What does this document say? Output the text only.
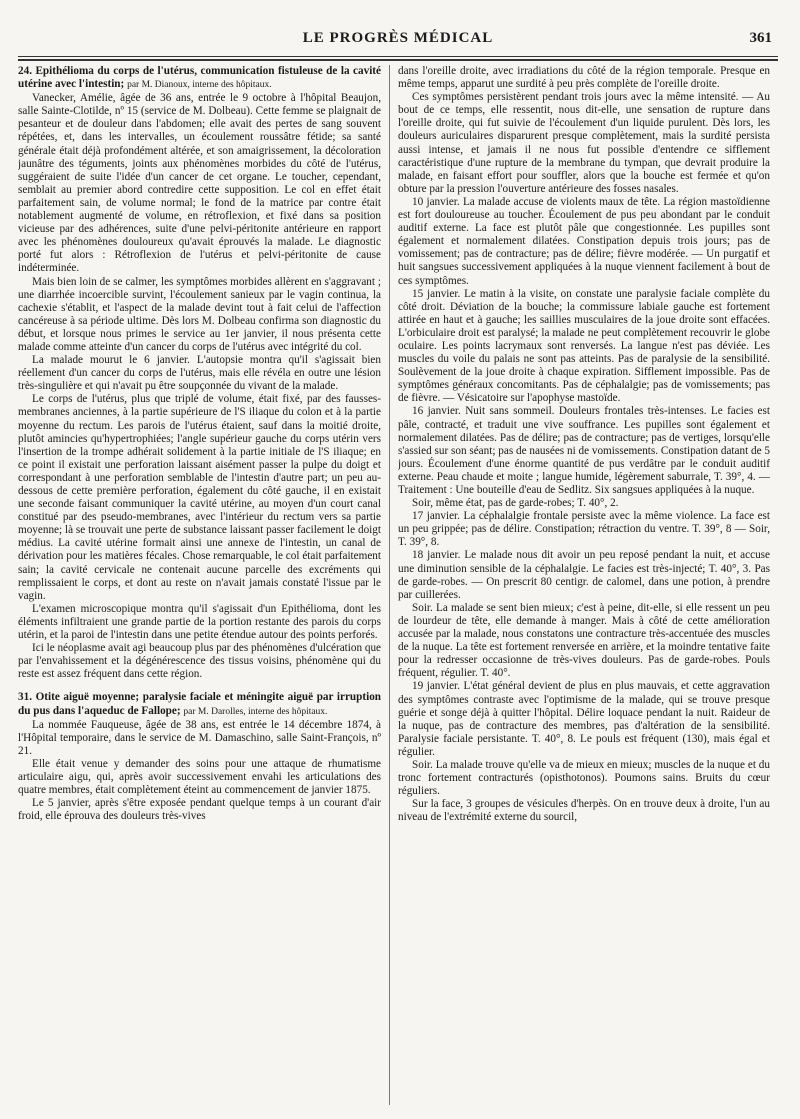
LE PROGRÈS MÉDICAL	361
24. Epithélioma du corps de l'utérus, communication fistuleuse de la cavité utérine avec l'intestin; par M. Dianoux, interne des hôpitaux.

Vanecker, Amélie, âgée de 36 ans, entrée le 9 octobre à l'hôpital Beaujon, salle Sainte-Clotilde, nº 15 (service de M. Dolbeau). Cette femme se plaignait de pesanteur et de douleur dans l'abdomen; elle avait des pertes de sang souvent répétées, et, dans les intervalles, un écoulement roussâtre fétide; sa santé générale était déjà profondément altérée, et son amaigrissement, la décoloration jaunâtre des téguments, joints aux phénomènes morbides du côté de l'utérus, suggéraient de suite l'idée d'un cancer de cet organe. Le toucher, cependant, semblait au premier abord contredire cette supposition. Le col en effet était parfaitement sain, de volume normal; le fond de la matrice par contre était notablement augmenté de volume, en rétroflexion, et fixé dans sa position vicieuse par des adhérences, suite d'une pelvi-péritonite antérieure en rapport avec les phénomènes douloureux qu'avait éprouvés la malade. Le diagnostic porté fut alors : Rétroflexion de l'utérus et pelvi-péritonite de cause indéterminée.

Mais bien loin de se calmer, les symptômes morbides allèrent en s'aggravant ; une diarrhée incoercible survint, l'écoulement sanieux par le vagin continua, la cachexie s'établit, et l'aspect de la malade devint tout à fait celui de l'affection cancéreuse à sa période ultime. Dès lors M. Dolbeau confirma son diagnostic du début, et lorsque nous primes le service au 1er janvier, il nous présenta cette malade comme atteinte d'un cancer du corps de l'utérus avec intégrité du col.

La malade mourut le 6 janvier. L'autopsie montra qu'il s'agissait bien réellement d'un cancer du corps de l'utérus, mais elle révéla en outre une lésion très-singulière et qui n'avait pu être soupçonnée du vivant de la malade.

Le corps de l'utérus, plus que triplé de volume, était fixé, par des fausses-membranes anciennes, à la partie supérieure de l'S iliaque du colon et à la partie moyenne du rectum. Les parois de l'utérus étaient, sauf dans la moitié droite, plutôt amincies qu'hypertrophiées; l'angle supérieur gauche du corps utérin vers l'insertion de la trompe adhérait solidement à la partie initiale de l'S iliaque; en ce point il existait une perforation laissant aisément passer la pulpe du doigt et correspondant à une perforation semblable de l'intestin d'autre part; un peu au-dessous de cette première perforation, également du côté gauche, il en existait une seconde faisant communiquer la cavité utérine, au moyen d'un court canal constitué par des pseudo-membranes, avec l'intérieur du rectum vers sa partie moyenne; là se trouvait une perte de substance laissant passer facilement le doigt médius. La cavité utérine formait ainsi une annexe de l'intestin, un canal de dérivation pour les matières fécales. Chose remarquable, le col était parfaitement sain; la cavité cervicale ne contenait aucune parcelle des excréments qui remplissaient le corps, et dont au reste on n'avait jamais constaté l'issue par le vagin.

L'examen microscopique montra qu'il s'agissait d'un Epithélioma, dont les éléments infiltraient une grande partie de la portion restante des parois du corps utérin, et la paroi de l'intestin dans une petite étendue autour des points perforés.

Ici le néoplasme avait agi beaucoup plus par des phénomènes d'ulcération que par l'envahissement et la dégénérescence des tissus voisins, phénomène qui du reste est assez fréquent dans cette région.

31. Otite aiguë moyenne; paralysie faciale et méningite aiguë par irruption du pus dans l'aqueduc de Fallope; par M. Darolles, interne des hôpitaux.

La nommée Fauqueuse, âgée de 38 ans, est entrée le 14 décembre 1874, à l'Hôpital temporaire, dans le service de M. Damaschino, salle Saint-François, nº 21.

Elle était venue y demander des soins pour une attaque de rhumatisme articulaire aigu, qui, après avoir successivement envahi les articulations des quatre membres, était complètement éteint au commencement de janvier 1875.

Le 5 janvier, après s'être exposée pendant quelque temps à un courant d'air froid, elle éprouva des douleurs très-vives

dans l'oreille droite, avec irradiations du côté de la région temporale. Presque en même temps, apparut une surdité à peu près complète de l'oreille droite.

Ces symptômes persistèrent pendant trois jours avec la même intensité. — Au bout de ce temps, elle ressentit, nous dit-elle, une sensation de rupture dans l'oreille droite, qui fut suivie de l'écoulement d'un liquide purulent. Dès lors, les douleurs auriculaires disparurent presque complètement, mais la surdité persista aussi intense, et jamais il ne nous fut possible d'entendre ce sifflement caractéristique d'une rupture de la membrane du tympan, que devrait produire la malade, en faisant effort pour souffler, alors que la bouche est fermée et qu'on obture par la pression l'ouverture antérieure des fosses nasales.

10 janvier. La malade accuse de violents maux de tête. La région mastoïdienne est fort douloureuse au toucher. Écoulement de pus peu abondant par le conduit auditif externe. La face est plutôt pâle que congestionnée. Les pupilles sont également et normalement dilatées. Constipation depuis trois jours; pas de vomissement; pas de contracture; pas de délire; fièvre modérée. — Un purgatif et huit sangsues successivement appliquées à la nuque viennent facilement à bout de ces symptômes.

15 janvier. Le matin à la visite, on constate une paralysie faciale complète du côté droit. Déviation de la bouche; la commissure labiale gauche est fortement attirée en haut et à gauche; les saillies musculaires de la joue droite sont effacées. L'orbiculaire droit est paralysé; la malade ne peut complètement recouvrir le globe oculaire. Les points lacrymaux sont renversés. La langue n'est pas déviée. Les muscles du voile du palais ne sont pas atteints. Pas de paralysie de la sensibilité. Soulèvement de la joue droite à chaque expiration. Sifflement impossible. Pas de symptômes généraux concomitants. Pas de céphalalgie; pas de vomissements; pas de fièvre. — Vésicatoire sur l'apophyse mastoïde.

16 janvier. Nuit sans sommeil. Douleurs frontales très-intenses. Le facies est pâle, contracté, et traduit une vive souffrance. Les pupilles sont également et normalement dilatées. Pas de délire; pas de contracture; pas de vertiges, lorsqu'elle s'assied sur son séant; pas de nausées ni de vomissements. Constipation datant de 5 jours. Écoulement d'une énorme quantité de pus verdâtre par le conduit auditif externe. Peau chaude et moite ; langue humide, légèrement saburrale, T. 39°, 4. — Traitement : Une bouteille d'eau de Sedlitz. Six sangsues appliquées à la nuque.

Soir, même état, pas de garde-robes; T. 40°, 2.

17 janvier. La céphalalgie frontale persiste avec la même violence. La face est un peu grippée; pas de délire. Constipation; rétraction du ventre. T. 39°, 8 — Soir, T. 39°, 8.

18 janvier. Le malade nous dit avoir un peu reposé pendant la nuit, et accuse une diminution sensible de la céphalalgie. Le facies est très-injecté; T. 40°, 3. Pas de garde-robes. — On prescrit 80 centigr. de calomel, dans une potion, à prendre par cuillerées.

Soir. La malade se sent bien mieux; c'est à peine, dit-elle, si elle ressent un peu de lourdeur de tête, elle demande à manger. Mais à côté de cette amélioration accusée par la malade, nous constatons une contracture très-accentuée des muscles de la nuque. La tête est fortement renversée en arrière, et la moindre tentative faite pour la redresser occasionne de très-vives douleurs. Pas de garde-robes. Pouls fréquent, régulier. T. 40°.

19 janvier. L'état général devient de plus en plus mauvais, et cette aggravation des symptômes contraste avec l'optimisme de la malade, qui se trouve presque guérie et songe déjà à quitter l'hôpital. Délire loquace pendant la nuit. Raideur de la nuque, pas de contracture des membres, pas d'altération de la sensibilité. Paralysie faciale persistante. T. 40°, 8. Le pouls est fréquent (130), mais égal et régulier.

Soir. La malade trouve qu'elle va de mieux en mieux; muscles de la nuque et du tronc fortement contracturés (opisthotonos). Poumons sains. Bruits du cœur réguliers.

Sur la face, 3 groupes de vésicules d'herpès. On en trouve deux à droite, l'un au niveau de l'extrémité externe du sourcil,
